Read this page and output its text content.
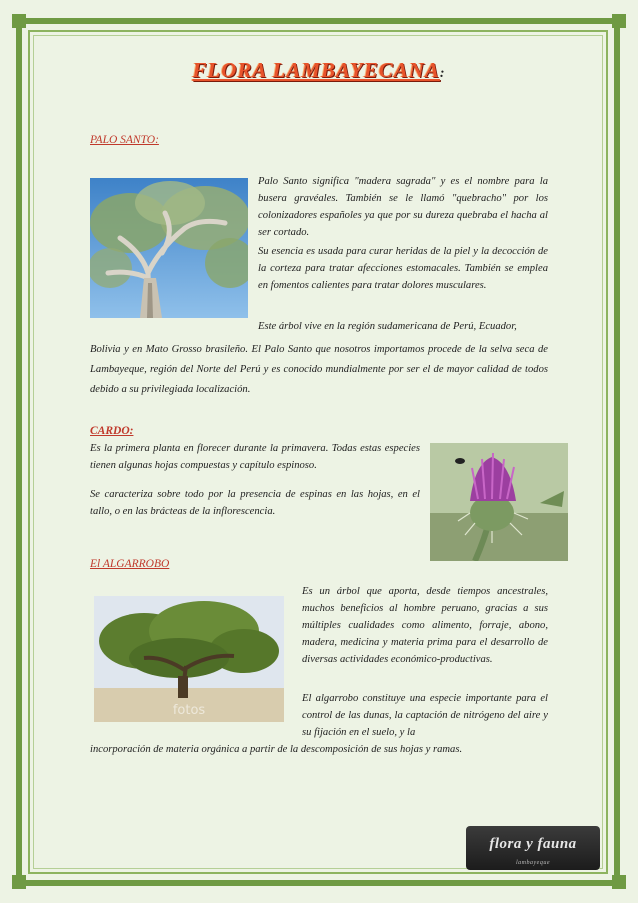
FLORA LAMBAYECANA:
PALO SANTO:
Palo Santo significa "madera sagrada" y es el nombre para la busera gravéales. También se le llamó "quebracho" por los colonizadores españoles ya que por su dureza quebraba el hacha al ser cortado.
Su esencia es usada para curar heridas de la piel y la decocción de la corteza para tratar afecciones estomacales. También se emplea en fomentos calientes para tratar dolores musculares.
Este árbol vive en la región sudamericana de Perú, Ecuador,
Bolivia y en Mato Grosso brasileño. El Palo Santo que nosotros importamos procede de la selva seca de Lambayeque, región del Norte del Perú y es conocido mundialmente por ser el de mayor calidad de todos debido a su privilegiada localización.
CARDO:
Es la primera planta en florecer durante la primavera. Todas estas especies tienen algunas hojas compuestas y capítulo espinoso.
Se caracteriza sobre todo por la presencia de espinas en las hojas, en el tallo, o en las brácteas de la inflorescencia.
El ALGARROBO
fotos
Es un árbol que aporta, desde tiempos ancestrales, muchos beneficios al hombre peruano, gracias a sus múltiples cualidades como alimento, forraje, abono, madera, medicina y materia prima para el desarrollo de diversas actividades económico-productivas.
El algarrobo constituye una especie importante para el control de las dunas, la captación de nitrógeno del aire y su fijación en el suelo, y la
incorporación de materia orgánica a partir de la descomposición de sus hojas y ramas.
flora y fauna
lambayeque
